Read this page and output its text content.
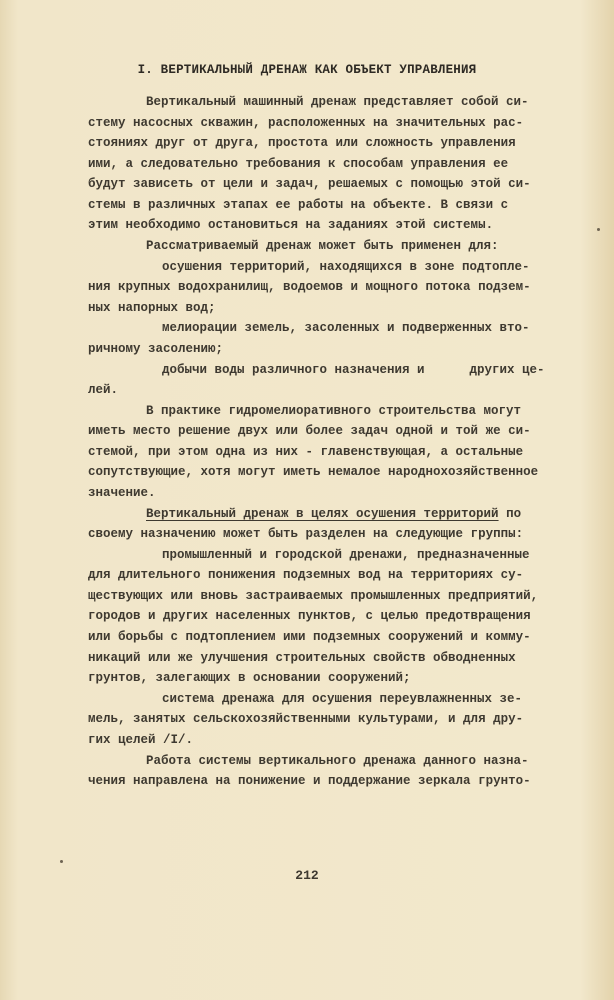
I. ВЕРТИКАЛЬНЫЙ ДРЕНАЖ КАК ОБЪЕКТ УПРАВЛЕНИЯ
Вертикальный машинный дренаж представляет собой си-
стему насосных скважин, расположенных на значительных рас-
стояниях друг от друга, простота или сложность управления
ими, а следовательно требования к способам управления ее
будут зависеть от цели и задач, решаемых с помощью этой си-
стемы в различных этапах ее работы на объекте. В связи с
этим необходимо остановиться на заданиях этой системы.
Рассматриваемый дренаж может быть применен для:
осушения территорий, находящихся в зоне подтопле-
ния крупных водохранилищ, водоемов и мощного потока подзем-
ных напорных вод;
мелиорации земель, засоленных и подверженных вто-
ричному засолению;
добычи воды различного назначения и      других це-
лей.
В практике гидромелиоративного строительства могут
иметь место решение двух или более задач одной и той же си-
стемой, при этом одна из них - главенствующая, а остальные
сопутствующие, хотя могут иметь немалое народнохозяйственное
значение.
Вертикальный дренаж в целях осушения территорий по
своему назначению может быть разделен на следующие группы:
промышленный и городской дренажи, предназначенные
для длительного понижения подземных вод на территориях су-
ществующих или вновь застраиваемых промышленных предприятий,
городов и других населенных пунктов, с целью предотвращения
или борьбы с подтоплением ими подземных сооружений и комму-
никаций или же улучшения строительных свойств обводненных
грунтов, залегающих в основании сооружений;
система дренажа для осушения переувлажненных зе-
мель, занятых сельскохозяйственными культурами, и для дру-
гих целей /I/.
Работа системы вертикального дренажа данного назна-
чения направлена на понижение и поддержание зеркала грунто-
212
